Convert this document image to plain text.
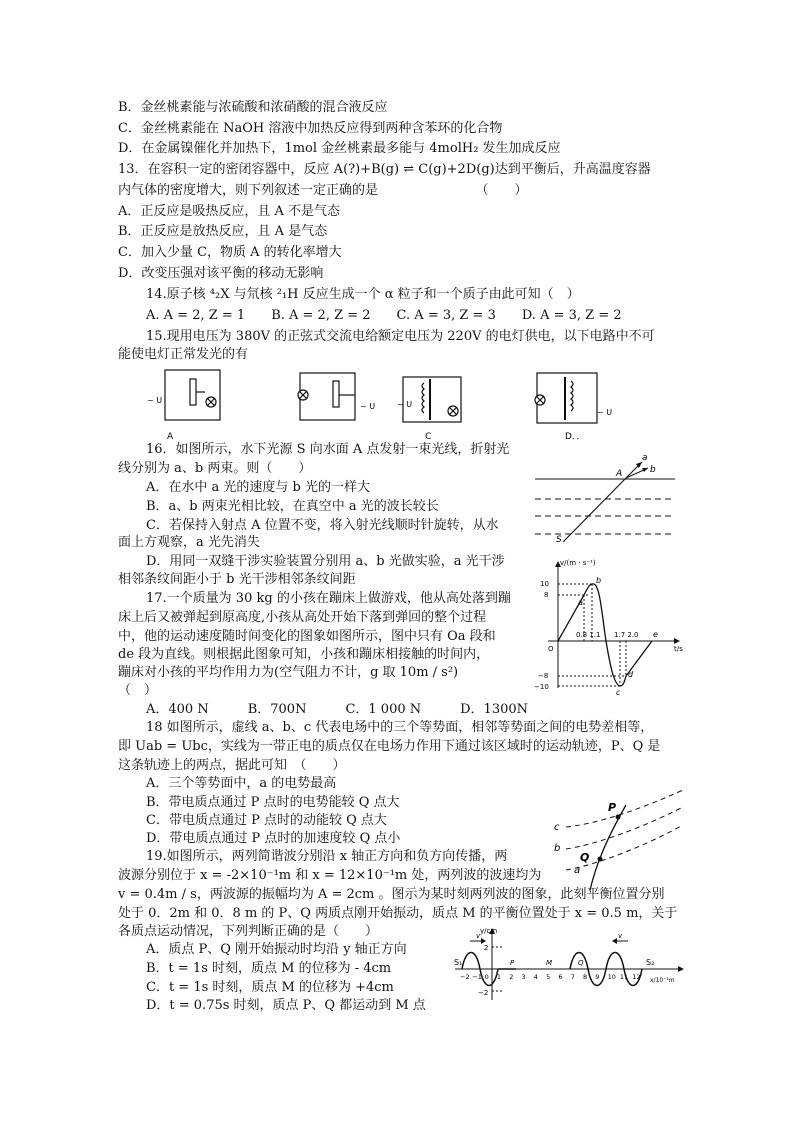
B．金丝桃素能与浓硫酸和浓硝酸的混合液反应
C．金丝桃素能在 NaOH 溶液中加热反应得到两种含苯环的化合物
D．在金属镍催化并加热下，1mol 金丝桃素最多能与 4molH₂ 发生加成反应
13．在容积一定的密闭容器中，反应 A(?)+B(g) ⇌ C(g)+2D(g)达到平衡后，升高温度容器
内气体的密度增大，则下列叙述一定正确的是　　　　　　　　（　　）
A．正反应是吸热反应，且 A 不是气态
B．正反应是放热反应，且 A 是气态
C．加入少量 C，物质 A 的转化率增大
D．改变压强对该平衡的移动无影响
14.原子核 ⁴₂X 与氘核 ²₁H 反应生成一个 α 粒子和一个质子由此可知（　）
A. A = 2, Z = 1　　B. A = 2, Z = 2　　C. A = 3, Z = 3　　D. A = 3, Z = 2
15.现用电压为 380V 的正弦式交流电给额定电压为 220V 的电灯供电，以下电路中不可
能使电灯正常发光的有
16．如图所示，水下光源 S 向水面 A 点发射一束光线，折射光
线分别为 a、b 两束。则（　　）
A．在水中 a 光的速度与 b 光的一样大
B．a、b 两束光相比较，在真空中 a 光的波长较长
C．若保持入射点 A 位置不变，将入射光线顺时针旋转，从水
面上方观察，a 光先消失
D．用同一双缝干涉实验装置分别用 a、b 光做实验，a 光干涉
相邻条纹间距小于 b 光干涉相邻条纹间距
17.一个质量为 30 kg 的小孩在蹦床上做游戏，他从高处落到蹦
床上后又被弹起到原高度,小孩从高处开始下落到弹回的整个过程
中，他的运动速度随时间变化的图象如图所示，图中只有 Oa 段和
de 段为直线。则根据此图象可知，小孩和蹦床相接触的时间内，
蹦床对小孩的平均作用力为(空气阻力不计，g 取 10m / s²)
（　）
A．400 N　　　B．700N　　　C．1 000 N　　　D．1300N
18 如图所示，虚线 a、b、c 代表电场中的三个等势面，相邻等势面之间的电势差相等，
即 Uab = Ubc，实线为一带正电的质点仅在电场力作用下通过该区域时的运动轨迹，P、Q 是
这条轨迹上的两点，据此可知　（　　）
A．三个等势面中，a 的电势最高
B．带电质点通过 P 点时的电势能较 Q 点大
C．带电质点通过 P 点时的动能较 Q 点大
D．带电质点通过 P 点时的加速度较 Q 点小
19.如图所示，两列简谐波分别沿 x 轴正方向和负方向传播，两
波源分别位于 x = -2×10⁻¹m 和 x = 12×10⁻¹m 处，两列波的波速均为
v = 0.4m / s，两波源的振幅均为 A = 2cm 。图示为某时刻两列波的图象，此刻平衡位置分别
处于 0．2m 和 0．8 m 的 P、Q 两质点刚开始振动，质点 M 的平衡位置处于 x = 0.5 m，关于
各质点运动情况，下列判断正确的是（　　）
A．质点 P、Q 刚开始振动时均沿 y 轴正方向
B．t = 1s 时刻，质点 M 的位移为 - 4cm
C．t = 1s 时刻，质点 M 的位移为 +4cm
D．t = 0.75s 时刻，质点 P、Q 都运动到 M 点
~ U
~ U	~ U
~ U
A	C	D．．
A
a
b
S
v/(m · s⁻¹)
10
8
−8
−10
O
0.8 1.1 1.7 2.0
t/s
a
b
c
d
e
c
b
a
P
Q
v	v
y/cm
2
−2
S₁	S₂
P	M	Q
x/10⁻¹m
−2 −1 0 1 2 3 4 5 6 7 8 9 10 11 12
